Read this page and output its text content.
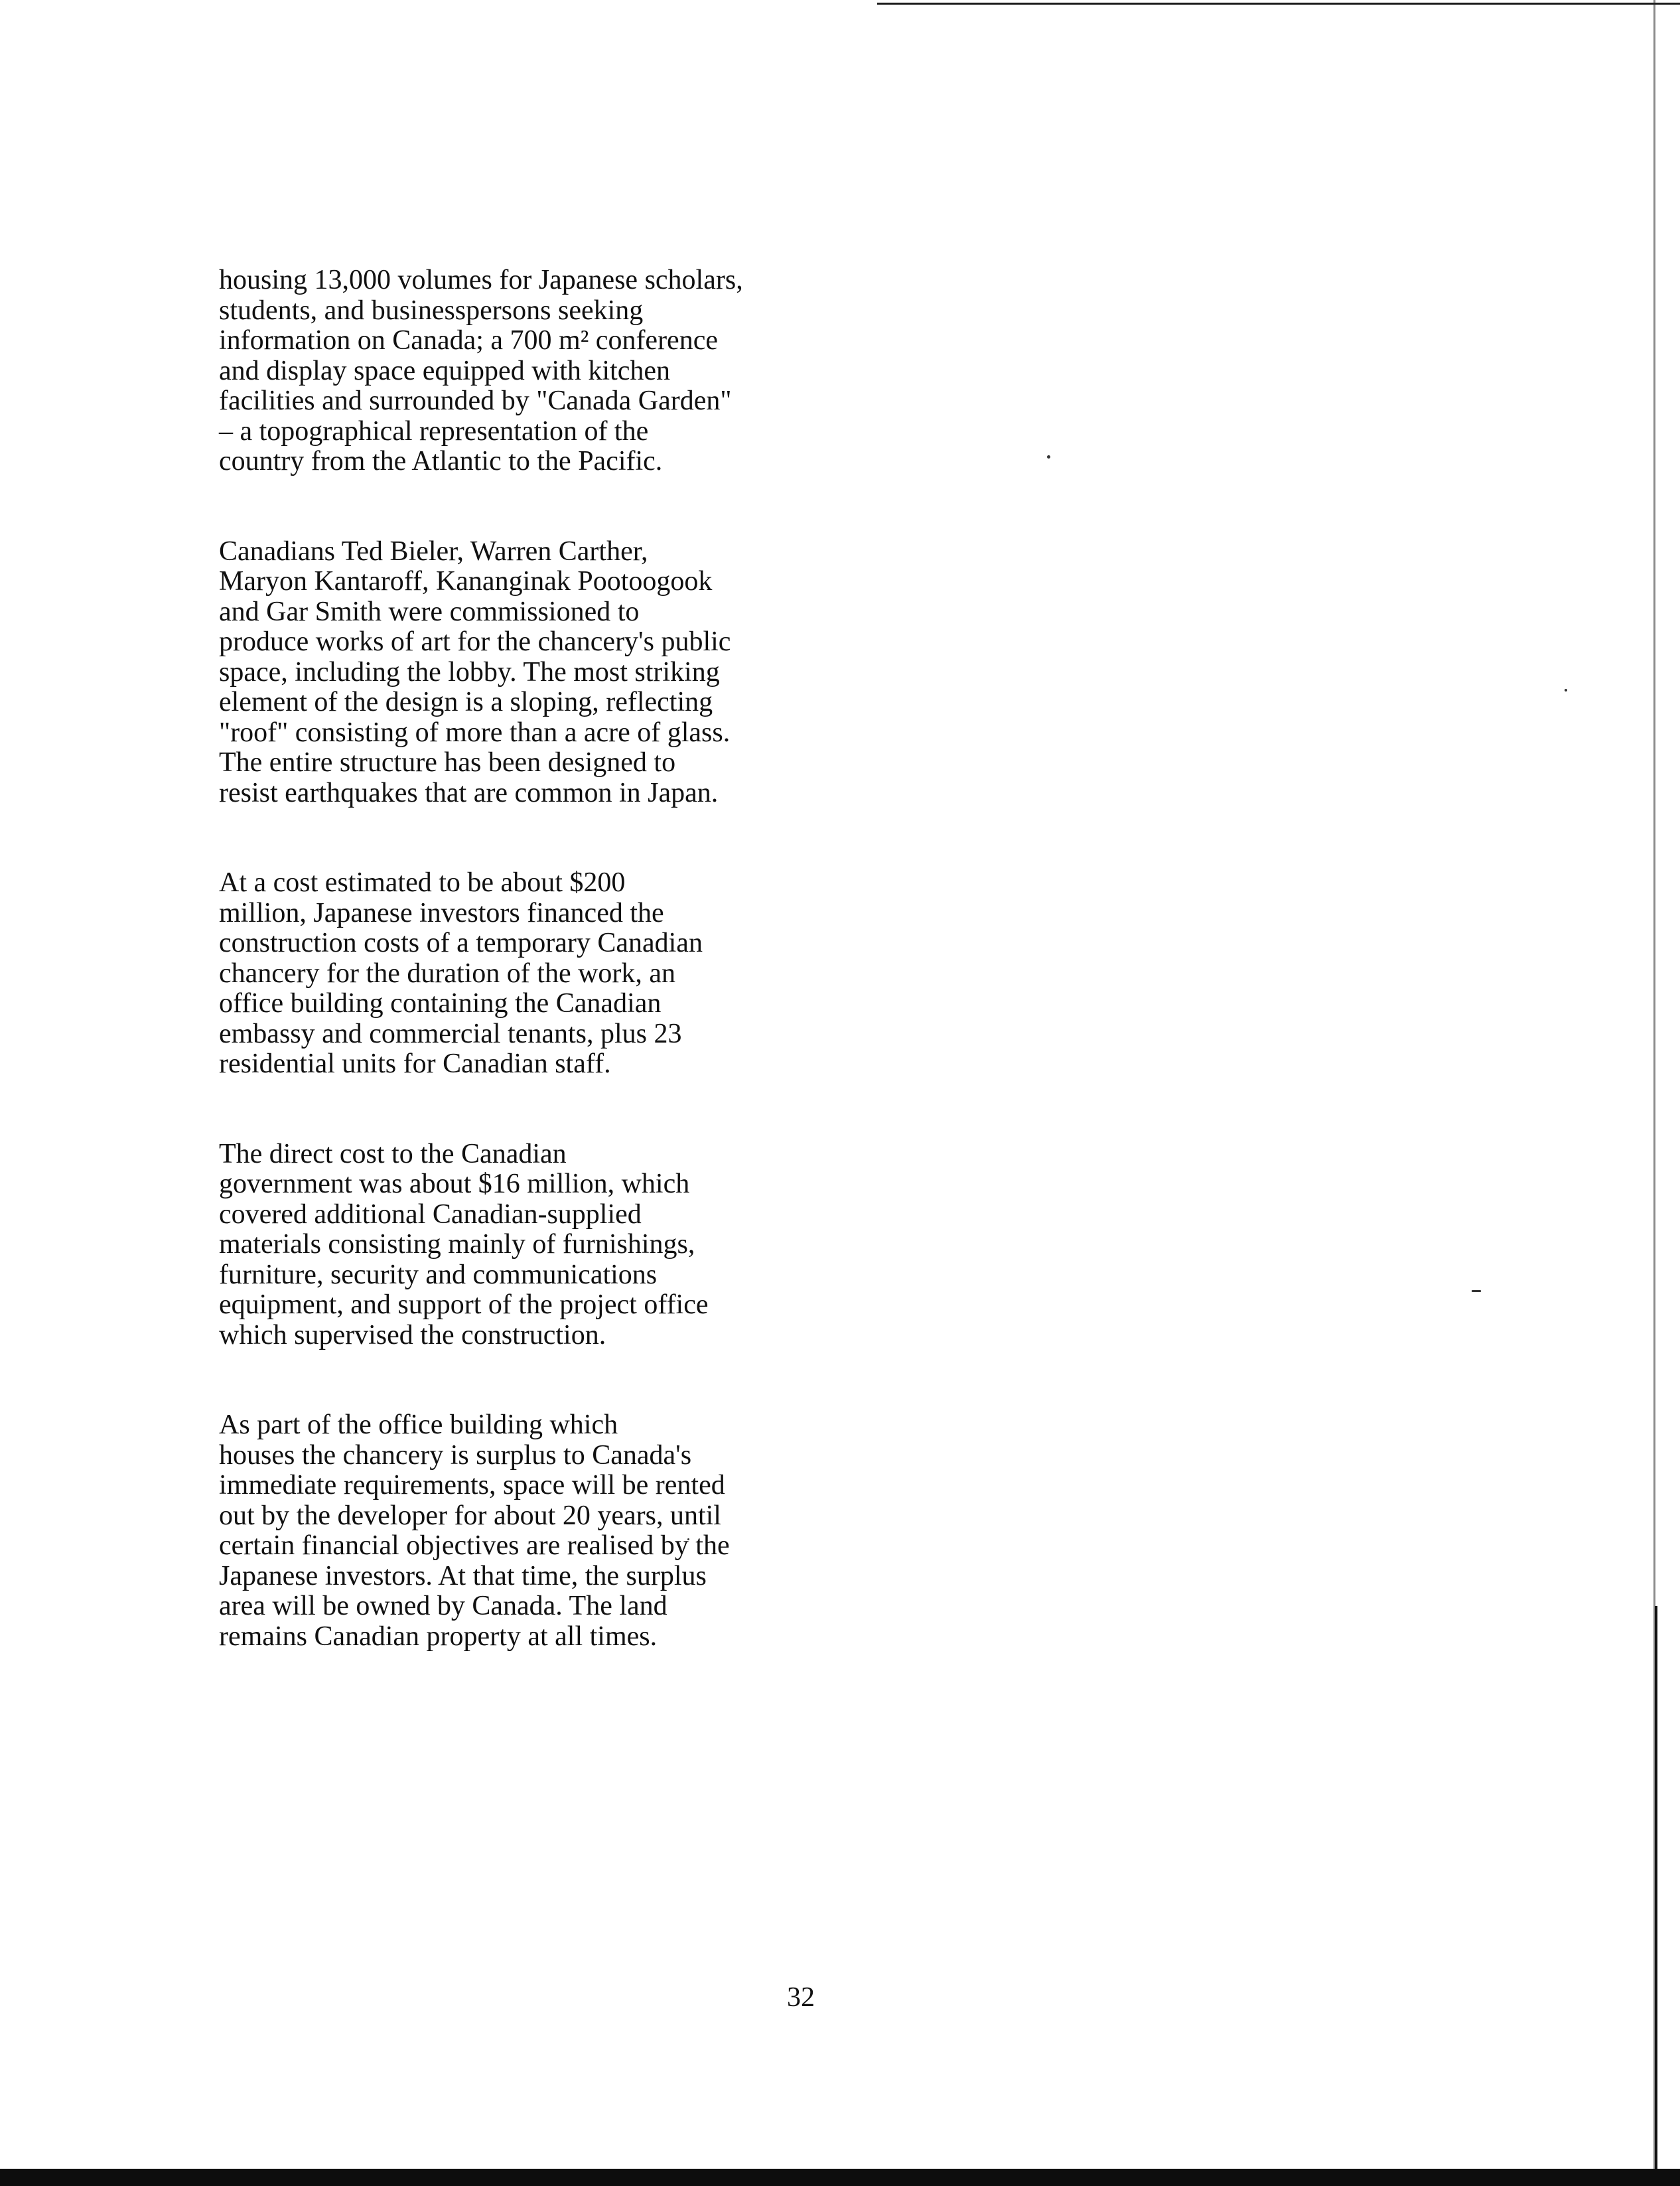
housing 13,000 volumes for Japanese scholars,
students, and businesspersons seeking
information on Canada; a 700 m² conference
and display space equipped with kitchen
facilities and surrounded by "Canada Garden"
– a topographical representation of the
country from the Atlantic to the Pacific.

Canadians Ted Bieler, Warren Carther,
Maryon Kantaroff, Kananginak Pootoogook
and Gar Smith were commissioned to
produce works of art for the chancery's public
space, including the lobby. The most striking
element of the design is a sloping, reflecting
"roof" consisting of more than a acre of glass.
The entire structure has been designed to
resist earthquakes that are common in Japan.

At a cost estimated to be about $200
million, Japanese investors financed the
construction costs of a temporary Canadian
chancery for the duration of the work, an
office building containing the Canadian
embassy and commercial tenants, plus 23
residential units for Canadian staff.

The direct cost to the Canadian
government was about $16 million, which
covered additional Canadian-supplied
materials consisting mainly of furnishings,
furniture, security and communications
equipment, and support of the project office
which supervised the construction.

As part of the office building which
houses the chancery is surplus to Canada's
immediate requirements, space will be rented
out by the developer for about 20 years, until
certain financial objectives are realised by the
Japanese investors. At that time, the surplus
area will be owned by Canada. The land
remains Canadian property at all times.

32
